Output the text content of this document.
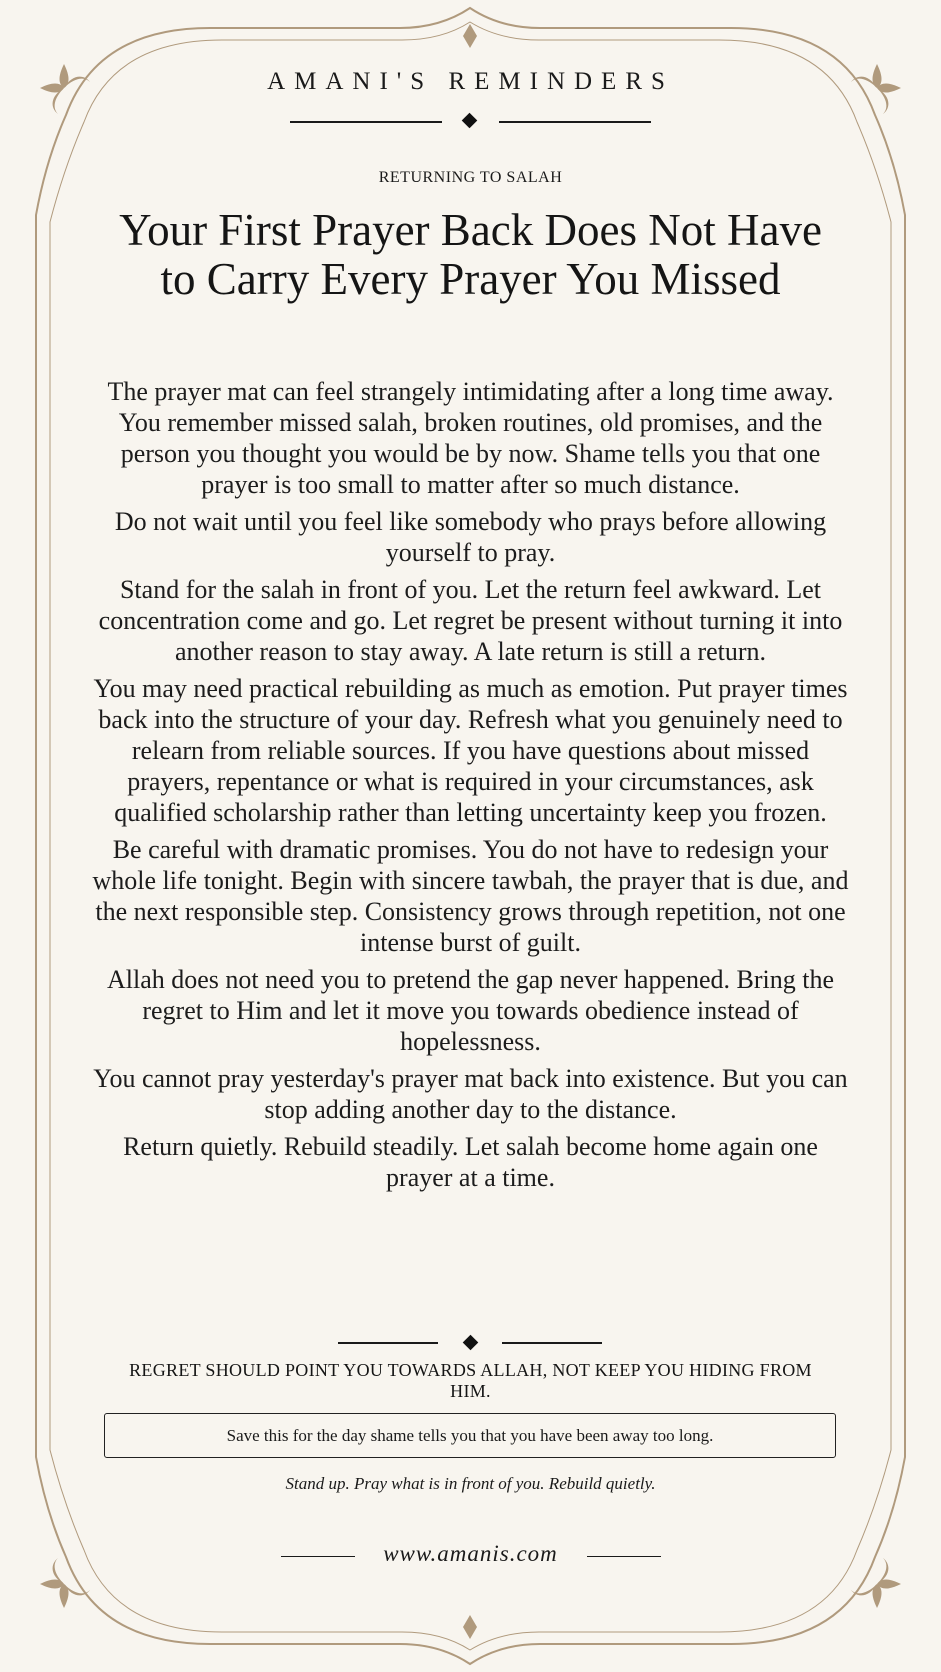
AMANI'S REMINDERS
RETURNING TO SALAH
Your First Prayer Back Does Not Have to Carry Every Prayer You Missed

The prayer mat can feel strangely intimidating after a long time away. You remember missed salah, broken routines, old promises, and the person you thought you would be by now. Shame tells you that one prayer is too small to matter after so much distance.

Do not wait until you feel like somebody who prays before allowing yourself to pray.

Stand for the salah in front of you. Let the return feel awkward. Let concentration come and go. Let regret be present without turning it into another reason to stay away. A late return is still a return.

You may need practical rebuilding as much as emotion. Put prayer times back into the structure of your day. Refresh what you genuinely need to relearn from reliable sources. If you have questions about missed prayers, repentance or what is required in your circumstances, ask qualified scholarship rather than letting uncertainty keep you frozen.

Be careful with dramatic promises. You do not have to redesign your whole life tonight. Begin with sincere tawbah, the prayer that is due, and the next responsible step. Consistency grows through repetition, not one intense burst of guilt.

Allah does not need you to pretend the gap never happened. Bring the regret to Him and let it move you towards obedience instead of hopelessness.

You cannot pray yesterday's prayer mat back into existence. But you can stop adding another day to the distance.

Return quietly. Rebuild steadily. Let salah become home again one prayer at a time.

REGRET SHOULD POINT YOU TOWARDS ALLAH, NOT KEEP YOU HIDING FROM HIM.
Save this for the day shame tells you that you have been away too long.
Stand up. Pray what is in front of you. Rebuild quietly.
www.amanis.com
